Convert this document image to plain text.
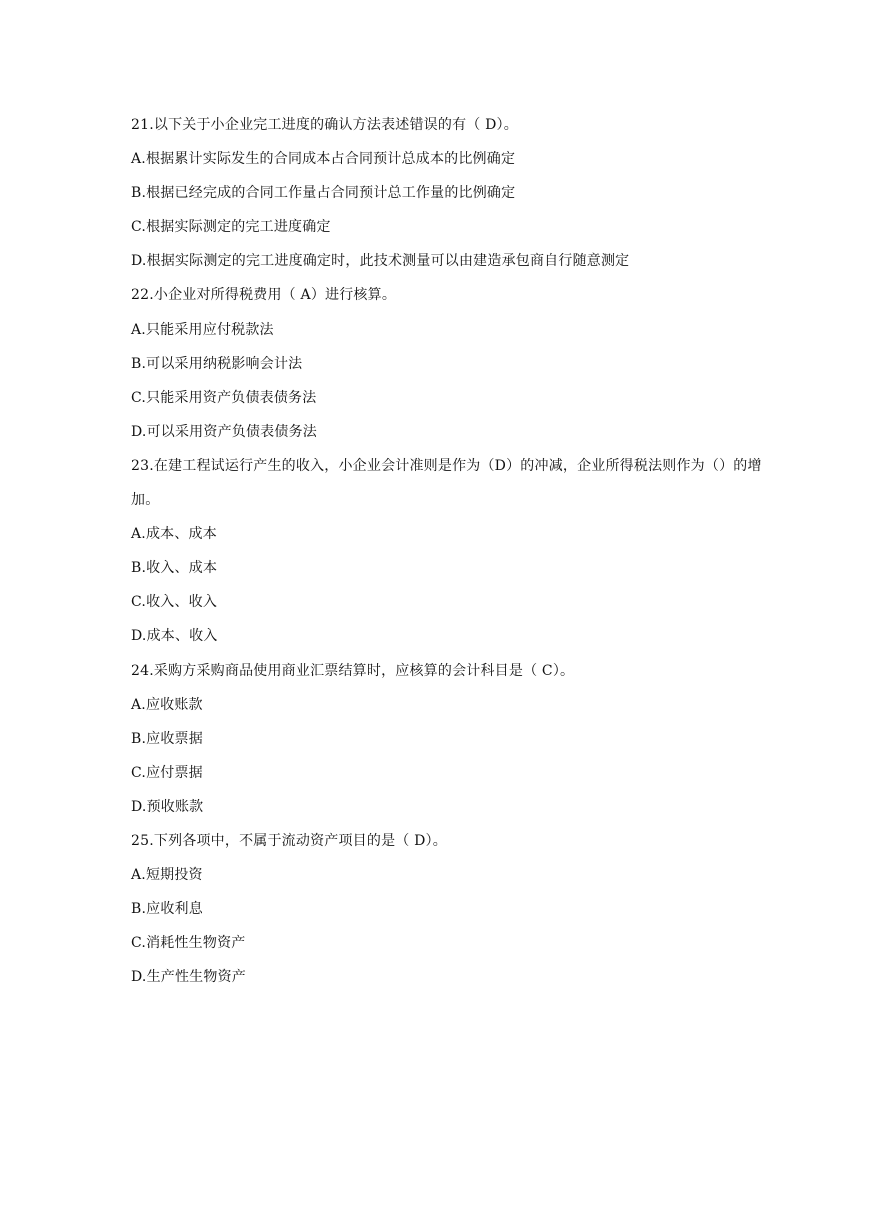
21.以下关于小企业完工进度的确认方法表述错误的有（ D）。
A.根据累计实际发生的合同成本占合同预计总成本的比例确定
B.根据已经完成的合同工作量占合同预计总工作量的比例确定
C.根据实际测定的完工进度确定
D.根据实际测定的完工进度确定时，此技术测量可以由建造承包商自行随意测定
22.小企业对所得税费用（ A）进行核算。
A.只能采用应付税款法
B.可以采用纳税影响会计法
C.只能采用资产负债表债务法
D.可以采用资产负债表债务法
23.在建工程试运行产生的收入，小企业会计准则是作为（D）的冲减，企业所得税法则作为（）的增加。
A.成本、成本
B.收入、成本
C.收入、收入
D.成本、收入
24.采购方采购商品使用商业汇票结算时，应核算的会计科目是（ C）。
A.应收账款
B.应收票据
C.应付票据
D.预收账款
25.下列各项中，不属于流动资产项目的是（ D）。
A.短期投资
B.应收利息
C.消耗性生物资产
D.生产性生物资产
